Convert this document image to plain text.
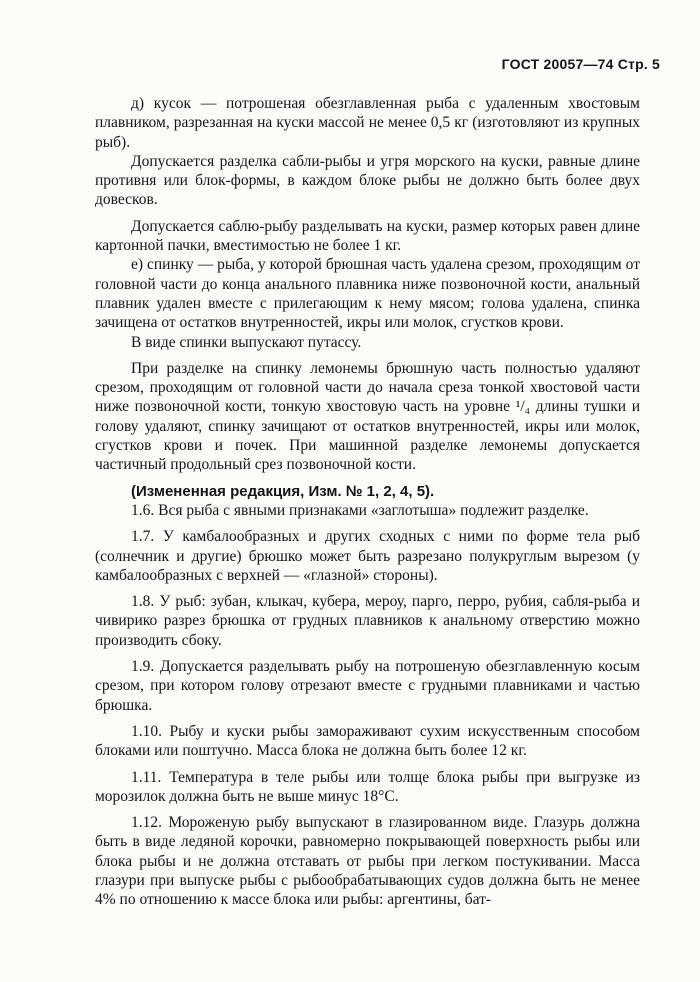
ГОСТ 20057—74 Стр. 5

д) кусок — потрошеная обезглавленная рыба с удаленным хвостовым плавником, разрезанная на куски массой не менее 0,5 кг (изготовляют из крупных рыб).

Допускается разделка сабли-рыбы и угря морского на куски, равные длине противня или блок-формы, в каждом блоке рыбы не должно быть более двух довесков.

Допускается саблю-рыбу разделывать на куски, размер которых равен длине картонной пачки, вместимостью не более 1 кг.

е) спинку — рыба, у которой брюшная часть удалена срезом, проходящим от головной части до конца анального плавника ниже позвоночной кости, анальный плавник удален вместе с прилегающим к нему мясом; голова удалена, спинка зачищена от остатков внутренностей, икры или молок, сгустков крови.

В виде спинки выпускают путассу.

При разделке на спинку лемонемы брюшную часть полностью удаляют срезом, проходящим от головной части до начала среза тонкой хвостовой части ниже позвоночной кости, тонкую хвостовую часть на уровне ¹/₄ длины тушки и голову удаляют, спинку зачищают от остатков внутренностей, икры или молок, сгустков крови и почек. При машинной разделке лемонемы допускается частичный продольный срез позвоночной кости.

(Измененная редакция, Изм. № 1, 2, 4, 5).

1.6. Вся рыба с явными признаками «заглотыша» подлежит разделке.

1.7. У камбалообразных и других сходных с ними по форме тела рыб (солнечник и другие) брюшко может быть разрезано полукруглым вырезом (у камбалообразных с верхней — «глазной» стороны).

1.8. У рыб: зубан, клыкач, кубера, мероу, парго, перро, рубия, сабля-рыба и чивирико разрез брюшка от грудных плавников к анальному отверстию можно производить сбоку.

1.9. Допускается разделывать рыбу на потрошеную обезглавленную косым срезом, при котором голову отрезают вместе с грудными плавниками и частью брюшка.

1.10. Рыбу и куски рыбы замораживают сухим искусственным способом блоками или поштучно. Масса блока не должна быть более 12 кг.

1.11. Температура в теле рыбы или толще блока рыбы при выгрузке из морозилок должна быть не выше минус 18°С.

1.12. Мороженую рыбу выпускают в глазированном виде. Глазурь должна быть в виде ледяной корочки, равномерно покрывающей поверхность рыбы или блока рыбы и не должна отставать от рыбы при легком постукивании. Масса глазури при выпуске рыбы с рыбообрабатывающих судов должна быть не менее 4% по отношению к массе блока или рыбы: аргентины, бат-
